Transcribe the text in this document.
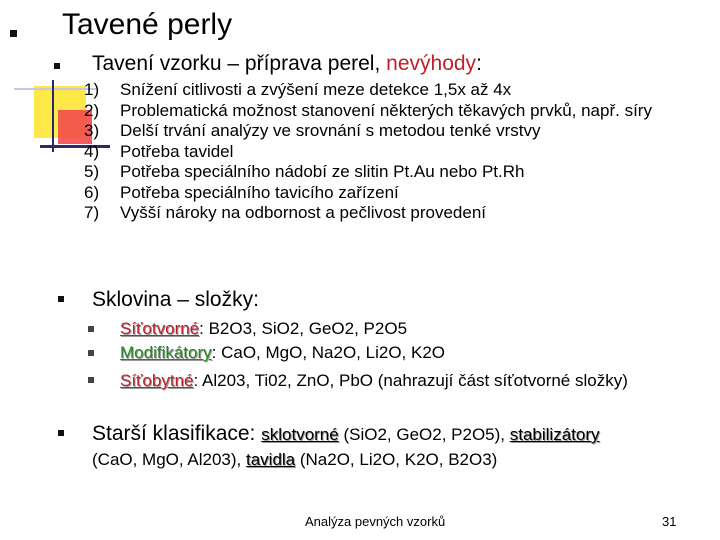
Tavené perly
Tavení vzorku – příprava perel, nevýhody:
1)	Snížení citlivosti a zvýšení meze detekce 1,5x až 4x
2)	Problematická možnost stanovení některých těkavých prvků, např. síry
3)	Delší trvání analýzy ve srovnání s metodou tenké vrstvy
4)	Potřeba tavidel
5)	Potřeba speciálního nádobí ze slitin Pt.Au nebo Pt.Rh
6)	Potřeba speciálního tavicího zařízení
7)	Vyšší nároky na odbornost a pečlivost provedení
Sklovina – složky:
Síťotvorné: B2O3, SiO2, GeO2, P2O5
Modifikátory: CaO, MgO, Na2O, Li2O, K2O
Síťobytné: Al203, Ti02, ZnO, PbO (nahrazují část síťotvorné složky)
Starší klasifikace: sklotvorné (SiO2, GeO2, P2O5), stabilizátory
(CaO, MgO, Al203), tavidla (Na2O, Li2O, K2O, B2O3)
Analýza pevných vzorků	31
